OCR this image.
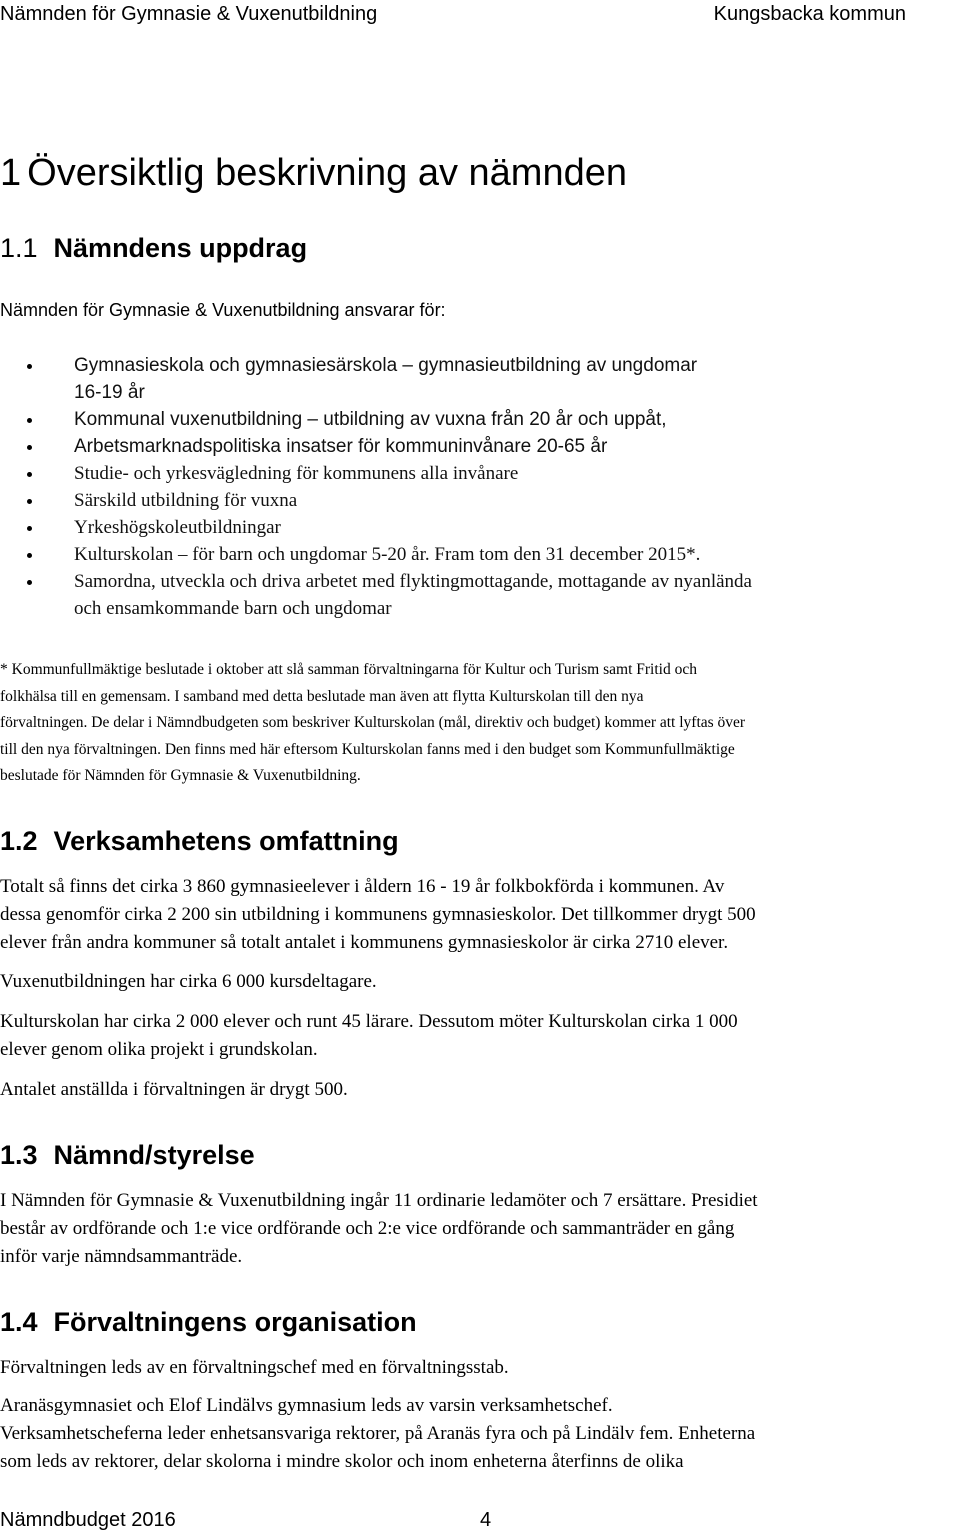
Nämnden för Gymnasie & Vuxenutbildning	Kungsbacka kommun
1 Översiktlig beskrivning av nämnden
1.1 Nämndens uppdrag
Nämnden för Gymnasie & Vuxenutbildning ansvarar för:
Gymnasieskola och gymnasiesärskola – gymnasieutbildning av ungdomar
16-19 år
Kommunal vuxenutbildning – utbildning av vuxna från 20 år och uppåt,
Arbetsmarknadspolitiska insatser för kommuninvånare 20-65 år
Studie- och yrkesvägledning för kommunens alla invånare
Särskild utbildning för vuxna
Yrkeshögskoleutbildningar
Kulturskolan – för barn och ungdomar 5-20 år. Fram tom den 31 december 2015*.
Samordna, utveckla och driva arbetet med flyktingmottagande, mottagande av nyanlända
och ensamkommande barn och ungdomar
* Kommunfullmäktige beslutade i oktober att slå samman förvaltningarna för Kultur och Turism samt Fritid och
folkhälsa till en gemensam. I samband med detta beslutade man även att flytta Kulturskolan till den nya
förvaltningen. De delar i Nämndbudgeten som beskriver Kulturskolan (mål, direktiv och budget) kommer att lyftas över
till den nya förvaltningen. Den finns med här eftersom Kulturskolan fanns med i den budget som Kommunfullmäktige
beslutade för Nämnden för Gymnasie & Vuxenutbildning.
1.2 Verksamhetens omfattning
Totalt så finns det cirka 3 860 gymnasieelever i åldern 16 - 19 år folkbokförda i kommunen. Av
dessa genomför cirka 2 200 sin utbildning i kommunens gymnasieskolor. Det tillkommer drygt 500
elever från andra kommuner så totalt antalet i kommunens gymnasieskolor är cirka 2710 elever.
Vuxenutbildningen har cirka 6 000 kursdeltagare.
Kulturskolan har cirka 2 000 elever och runt 45 lärare. Dessutom möter Kulturskolan cirka 1 000
elever genom olika projekt i grundskolan.
Antalet anställda i förvaltningen är drygt 500.
1.3 Nämnd/styrelse
I Nämnden för Gymnasie & Vuxenutbildning ingår 11 ordinarie ledamöter och 7 ersättare. Presidiet
består av ordförande och 1:e vice ordförande och 2:e vice ordförande och sammanträder en gång
inför varje nämndsammanträde.
1.4 Förvaltningens organisation
Förvaltningen leds av en förvaltningschef med en förvaltningsstab.
Aranäsgymnasiet och Elof Lindälvs gymnasium leds av varsin verksamhetschef.
Verksamhetscheferna leder enhetsansvariga rektorer, på Aranäs fyra och på Lindälv fem. Enheterna
som leds av rektorer, delar skolorna i mindre skolor och inom enheterna återfinns de olika
Nämndbudget 2016	4
